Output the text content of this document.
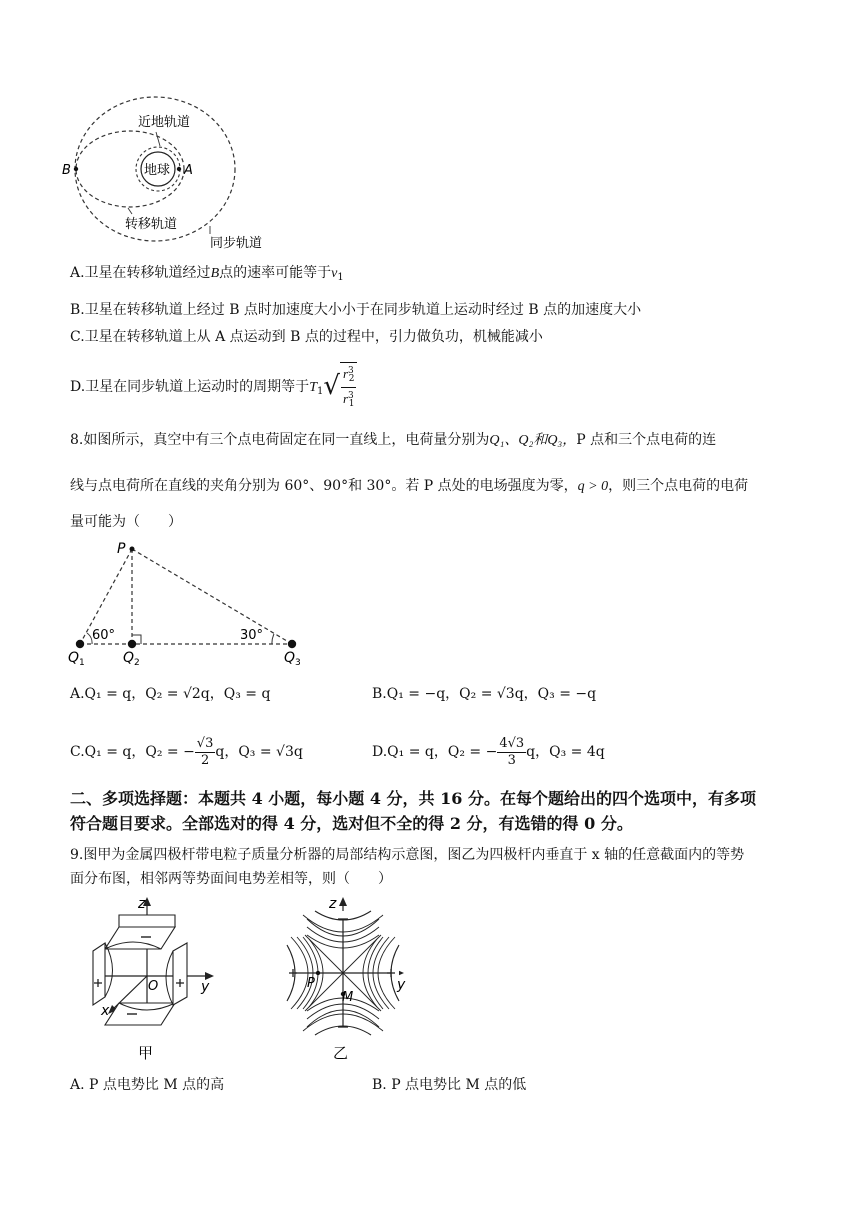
近地轨道
地球
转移轨道
同步轨道
B	A
A.卫星在转移轨道经过B点的速率可能等于$v_1$
B.卫星在转移轨道上经过 B 点时加速度大小小于在同步轨道上运动时经过 B 点的加速度大小
C.卫星在转移轨道上从 A 点运动到 B 点的过程中，引力做负功，机械能减小
D.卫星在同步轨道上运动时的周期等于$T_1√ \frac{r^3_2}{r^3_1}$
8.如图所示，真空中有三个点电荷固定在同一直线上，电荷量分别为Q₁、Q₂和Q₃，P 点和三个点电荷的连
线与点电荷所在直线的夹角分别为 60°、90°和 30°。若 P 点处的电场强度为零，q > 0，则三个点电荷的电荷
量可能为（　　）
P
60°	30°
$Q_1$	$Q_2$	$Q_3$
A.Q₁ = q，Q₂ = √2q，Q₃ = q	B.Q₁ = −q，Q₂ = √3q，Q₃ = −q
C.Q₁ = q，Q₂ = − $\frac{√3}{2}$ q，Q₃ = √3q	D.Q₁ = q，Q₂ = − $\frac{4√3}{3}$ q，Q₃ = 4q
二、多项选择题：本题共 4 小题，每小题 4 分，共 16 分。在每个题给出的四个选项中，有多项
符合题目要求。全部选对的得 4 分，选对但不全的得 2 分，有选错的得 0 分。
9.图甲为金属四极杆带电粒子质量分析器的局部结构示意图，图乙为四极杆内垂直于 x 轴的任意截面内的等势
面分布图，相邻两等势面间电势差相等，则（　　）
z
y
x
O
甲
z
y
P
M
乙
A. P 点电势比 M 点的高	B. P 点电势比 M 点的低
